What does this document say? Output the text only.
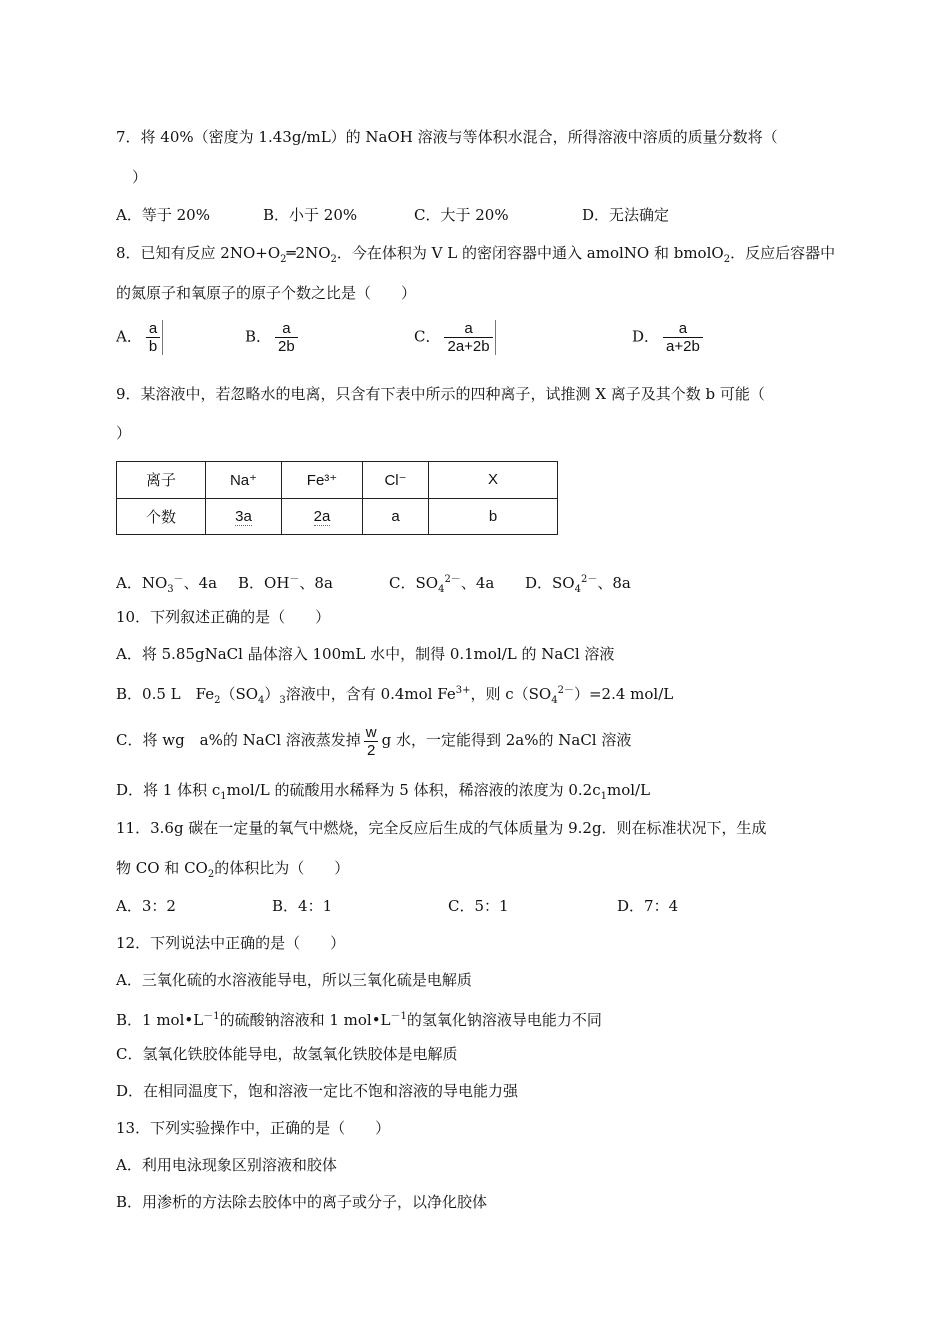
7．将 40%（密度为 1.43g/mL）的 NaOH 溶液与等体积水混合，所得溶液中溶质的质量分数将（
）
A．等于 20%	B．小于 20%	C．大于 20%	D．无法确定
8．已知有反应 $2NO+O_2═2NO_2$．今在体积为 V L 的密闭容器中通入 amolNO 和 bmolO$_2$．反应后容器中
的氮原子和氧原子的原子个数之比是（　　）
A． $\frac{a}{b}$	B． $\frac{a}{2b}$	C． $\frac{a}{2a+2b}$	D． $\frac{a}{a+2b}$
9．某溶液中，若忽略水的电离，只含有下表中所示的四种离子，试推测 X 离子及其个数 b 可能（
）
离子	Na⁺	Fe³⁺	Cl⁻	X
个数	3a	2a	a	b
A．$NO_3^-$、4a B．OH－、8a	C．$SO_4^{2-}$、4a D．$SO_4^{2-}$、8a
10．下列叙述正确的是（　　）
A．将 5.85gNaCl 晶体溶入 100mL 水中，制得 0.1mol/L 的 NaCl 溶液
B．0.5 L　$Fe_2(SO_4)_3$溶液中，含有 0.4mol $Fe^{3+}$，则 $c(SO_4^{2-})=2.4$ mol/L
C．将 wg　a%的 NaCl 溶液蒸发掉 $\frac{w}{2}$ g 水，一定能得到 2a%的 NaCl 溶液
D．将 1 体积 $c_1mol/L$ 的硫酸用水稀释为 5 体积，稀溶液的浓度为 $0.2c_1mol/L$
11．3.6g 碳在一定量的氧气中燃烧，完全反应后生成的气体质量为 9.2g．则在标准状况下，生成
物 CO 和 $CO_2$的体积比为（　　）
A．3：2	B．4：1	C．5：1	D．7：4
12．下列说法中正确的是（　　）
A．三氧化硫的水溶液能导电，所以三氧化硫是电解质
B．1 $mol•L^{-1}$的硫酸钠溶液和 1 $mol•L^{-1}$的氢氧化钠溶液导电能力不同
C．氢氧化铁胶体能导电，故氢氧化铁胶体是电解质
D．在相同温度下，饱和溶液一定比不饱和溶液的导电能力强
13．下列实验操作中，正确的是（　　）
A．利用电泳现象区别溶液和胶体
B．用渗析的方法除去胶体中的离子或分子，以净化胶体
